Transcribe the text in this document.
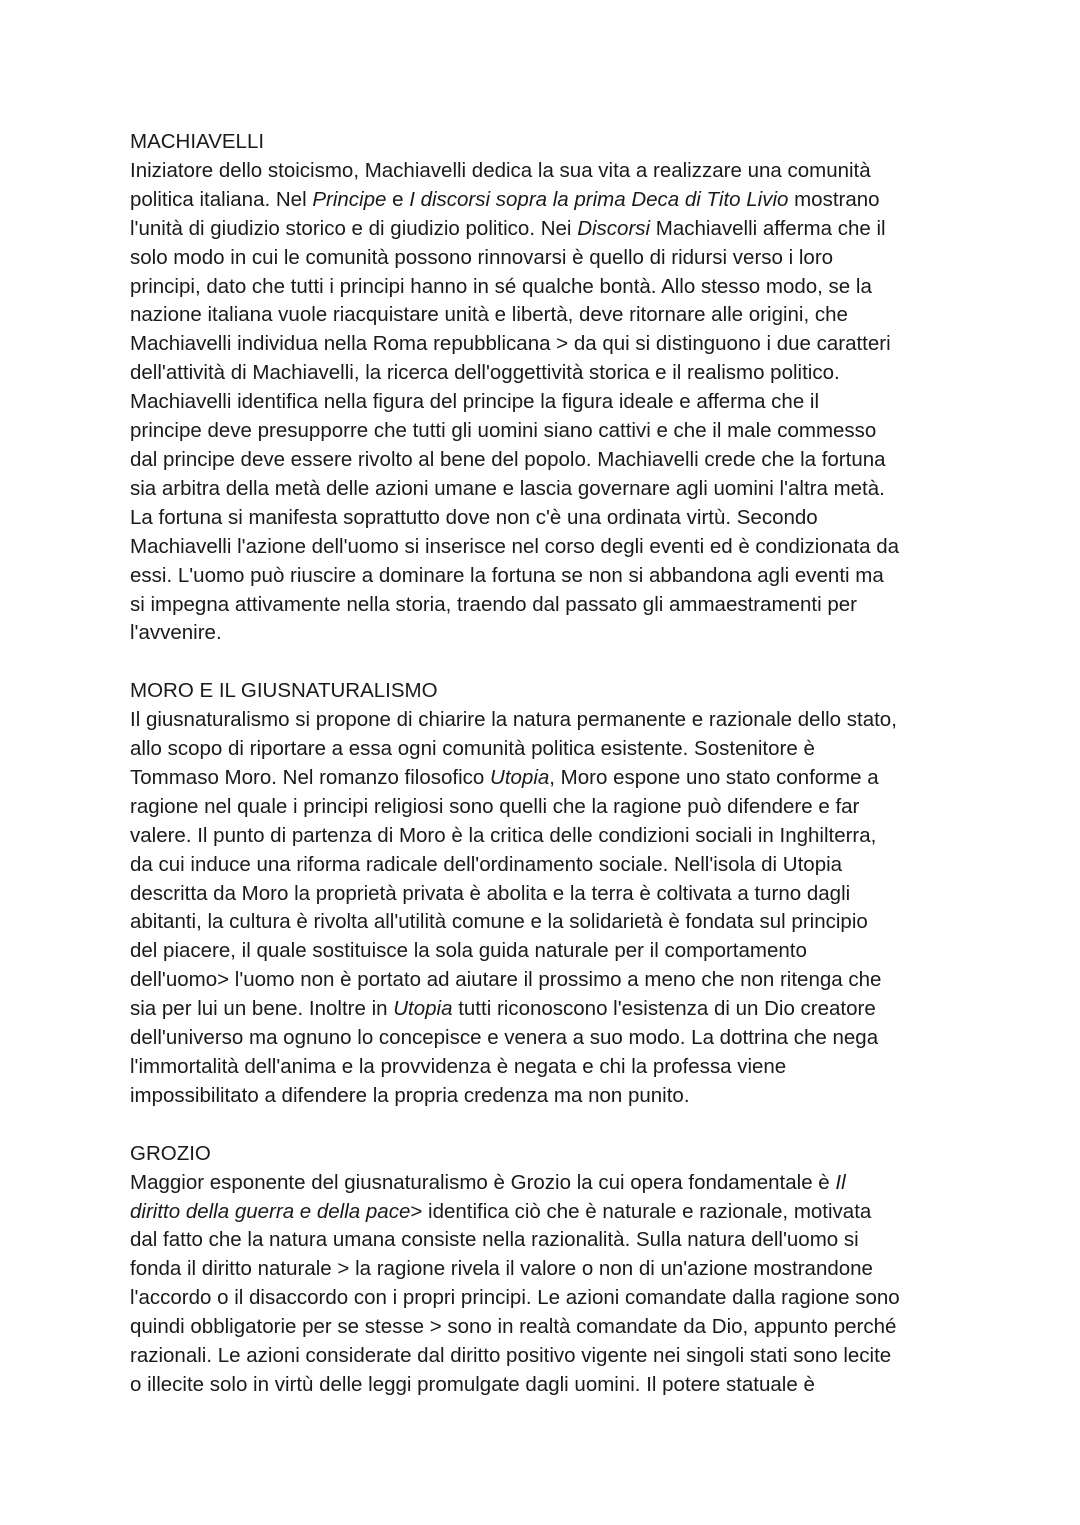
MACHIAVELLI
Iniziatore dello stoicismo, Machiavelli dedica la sua vita a realizzare una comunità
politica italiana. Nel Principe e I discorsi sopra la prima Deca di Tito Livio mostrano
l'unità di giudizio storico e di giudizio politico. Nei Discorsi Machiavelli afferma che il
solo modo in cui le comunità possono rinnovarsi è quello di ridursi verso i loro
principi, dato che tutti i principi hanno in sé qualche bontà. Allo stesso modo, se la
nazione italiana vuole riacquistare unità e libertà, deve ritornare alle origini, che
Machiavelli individua nella Roma repubblicana > da qui si distinguono i due caratteri
dell'attività di Machiavelli, la ricerca dell'oggettività storica e il realismo politico.
Machiavelli identifica nella figura del principe la figura ideale e afferma che il
principe deve presupporre che tutti gli uomini siano cattivi e che il male commesso
dal principe deve essere rivolto al bene del popolo. Machiavelli crede che la fortuna
sia arbitra della metà delle azioni umane e lascia governare agli uomini l'altra metà.
La fortuna si manifesta soprattutto dove non c'è una ordinata virtù. Secondo
Machiavelli l'azione dell'uomo si inserisce nel corso degli eventi ed è condizionata da
essi. L'uomo può riuscire a dominare la fortuna se non si abbandona agli eventi ma
si impegna attivamente nella storia, traendo dal passato gli ammaestramenti per
l'avvenire.
MORO E IL GIUSNATURALISMO
Il giusnaturalismo si propone di chiarire la natura permanente e razionale dello stato,
allo scopo di riportare a essa ogni comunità politica esistente. Sostenitore è
Tommaso Moro. Nel romanzo filosofico Utopia, Moro espone uno stato conforme a
ragione nel quale i principi religiosi sono quelli che la ragione può difendere e far
valere. Il punto di partenza di Moro è la critica delle condizioni sociali in Inghilterra,
da cui induce una riforma radicale dell'ordinamento sociale. Nell'isola di Utopia
descritta da Moro la proprietà privata è abolita e la terra è coltivata a turno dagli
abitanti, la cultura è rivolta all'utilità comune e la solidarietà è fondata sul principio
del piacere, il quale sostituisce la sola guida naturale per il comportamento
dell'uomo> l'uomo non è portato ad aiutare il prossimo a meno che non ritenga che
sia per lui un bene. Inoltre in Utopia tutti riconoscono l'esistenza di un Dio creatore
dell'universo ma ognuno lo concepisce e venera a suo modo. La dottrina che nega
l'immortalità dell'anima e la provvidenza è negata e chi la professa viene
impossibilitato a difendere la propria credenza ma non punito.
GROZIO
Maggior esponente del giusnaturalismo è Grozio la cui opera fondamentale è Il
diritto della guerra e della pace> identifica ciò che è naturale e razionale, motivata
dal fatto che la natura umana consiste nella razionalità. Sulla natura dell'uomo si
fonda il diritto naturale > la ragione rivela il valore o non di un'azione mostrandone
l'accordo o il disaccordo con i propri principi. Le azioni comandate dalla ragione sono
quindi obbligatorie per se stesse > sono in realtà comandate da Dio, appunto perché
razionali. Le azioni considerate dal diritto positivo vigente nei singoli stati sono lecite
o illecite solo in virtù delle leggi promulgate dagli uomini. Il potere statuale è
